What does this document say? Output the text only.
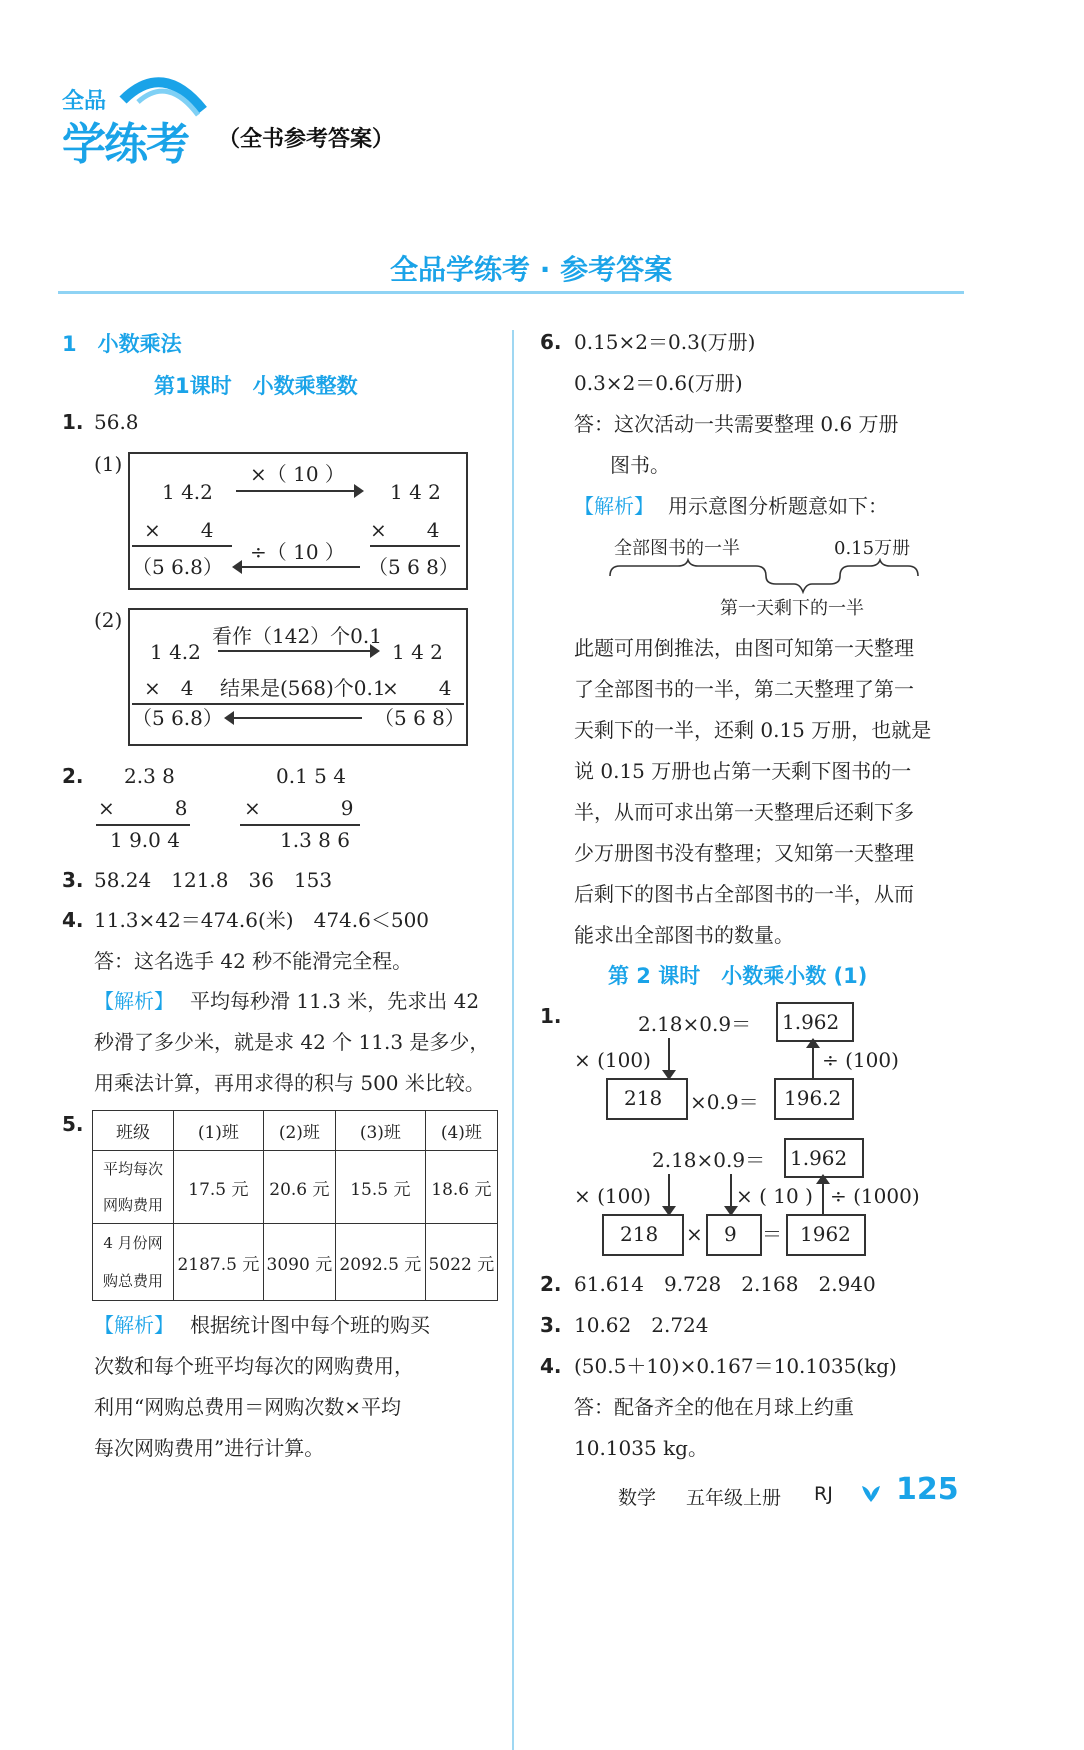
全品
学练考 （全书参考答案）
全品学练考 · 参考答案
1　小数乘法
第1课时　小数乘整数
1. 56.8
(1)
1 4.2
×（ 10 ）
1 4 2
×　　4	×　　4
÷（ 10 ）
（5 6.8）	（5 6 8）
(2)
看作（142）个0.1
1 4.2	1 4 2
×　4 结果是(568)个0.1
×　　4
（5 6.8）	（5 6 8）
2. 2.3 8
×　　　8
1 9.0 4
0.1 5 4
×　　　　9
1.3 8 6
3. 58.24　121.8　36　153
4. 11.3×42＝474.6(米)　474.6＜500
答：这名选手 42 秒不能滑完全程。
【解析】 平均每秒滑 11.3 米，先求出 42
秒滑了多少米，就是求 42 个 11.3 是多少，
用乘法计算，再用求得的积与 500 米比较。
5. 班级	(1)班	(2)班	(3)班	(4)班

平均每次
网购费用	17.5 元	20.6 元	15.5 元	18.6 元

4 月份网
购总费用	2187.5 元	3090 元	2092.5 元	5022 元
【解析】 根据统计图中每个班的购买
次数和每个班平均每次的网购费用，
利用“网购总费用＝网购次数×平均
每次网购费用”进行计算。
6. 0.15×2＝0.3(万册)
0.3×2＝0.6(万册)
答：这次活动一共需要整理 0.6 万册
图书。
【解析】 用示意图分析题意如下：
全部图书的一半	0.15万册
第一天剩下的一半
此题可用倒推法，由图可知第一天整理
了全部图书的一半，第二天整理了第一
天剩下的一半，还剩 0.15 万册，也就是
说 0.15 万册也占第一天剩下图书的一
半，从而可求出第一天整理后还剩下多
少万册图书没有整理；又知第一天整理
后剩下的图书占全部图书的一半，从而
能求出全部图书的数量。
第 2 课时　小数乘小数 (1)
1.	2.18×0.9＝ 1.962
× (100)	÷ (100)
218 ×0.9＝ 196.2
2.18×0.9＝ 1.962
× (100)	× ( 10 ) ÷ (1000)
218 × 9 ＝ 1962
2. 61.614　9.728　2.168　2.940
3. 10.62　2.724
4. (50.5＋10)×0.167＝10.1035(kg)
答：配备齐全的他在月球上约重
10.1035 kg。
数学 五年级上册 RJ 125
